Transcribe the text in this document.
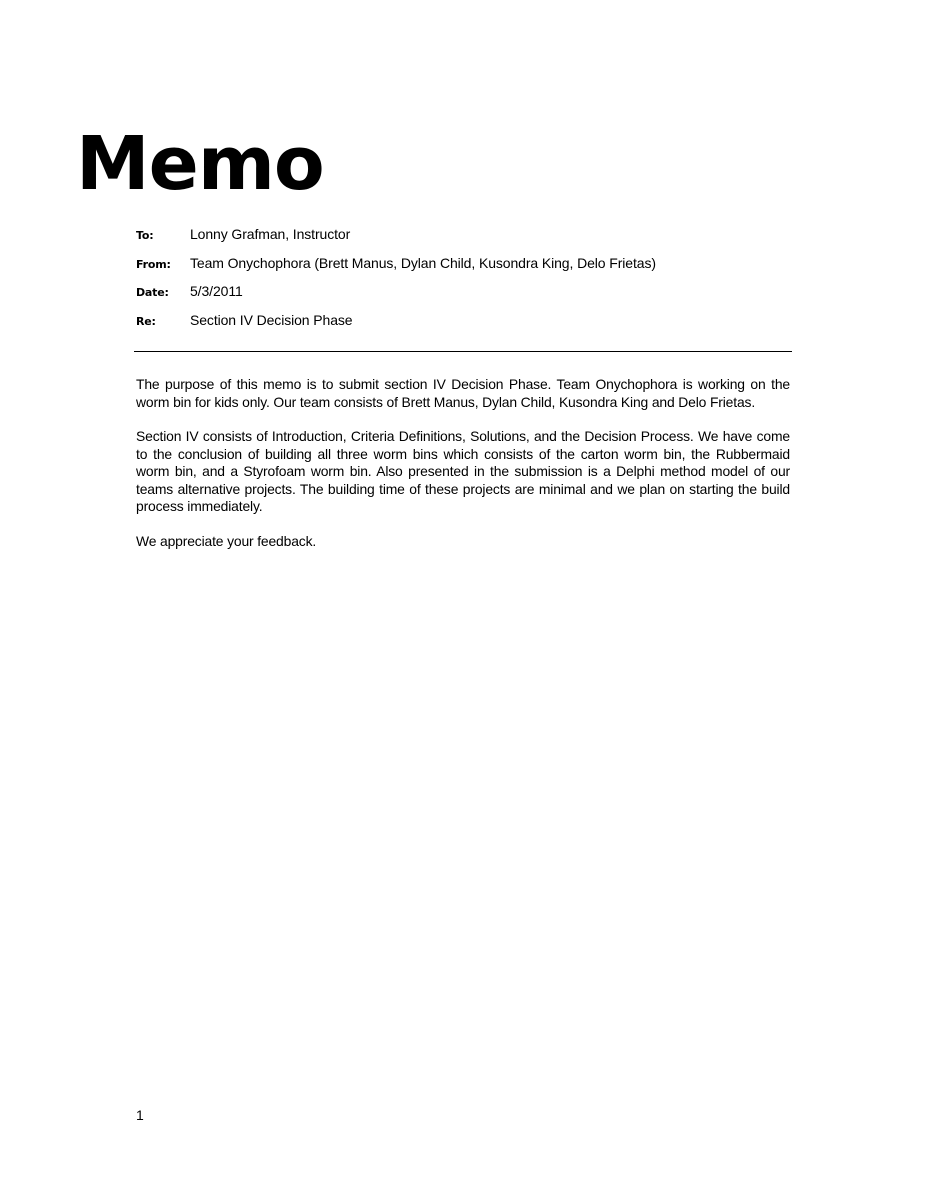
Memo
To:	Lonny Grafman, Instructor
From:	Team Onychophora (Brett Manus, Dylan Child, Kusondra King, Delo Frietas)
Date:	5/3/2011
Re:	Section IV Decision Phase

The purpose of this memo is to submit section IV Decision Phase. Team Onychophora is working on the worm bin for kids only. Our team consists of Brett Manus, Dylan Child, Kusondra King and Delo Frietas.

Section IV consists of Introduction, Criteria Definitions, Solutions, and the Decision Process. We have come to the conclusion of building all three worm bins which consists of the carton worm bin, the Rubbermaid worm bin, and a Styrofoam worm bin. Also presented in the submission is a Delphi method model of our teams alternative projects. The building time of these projects are minimal and we plan on starting the build process immediately.

We appreciate your feedback.

1
